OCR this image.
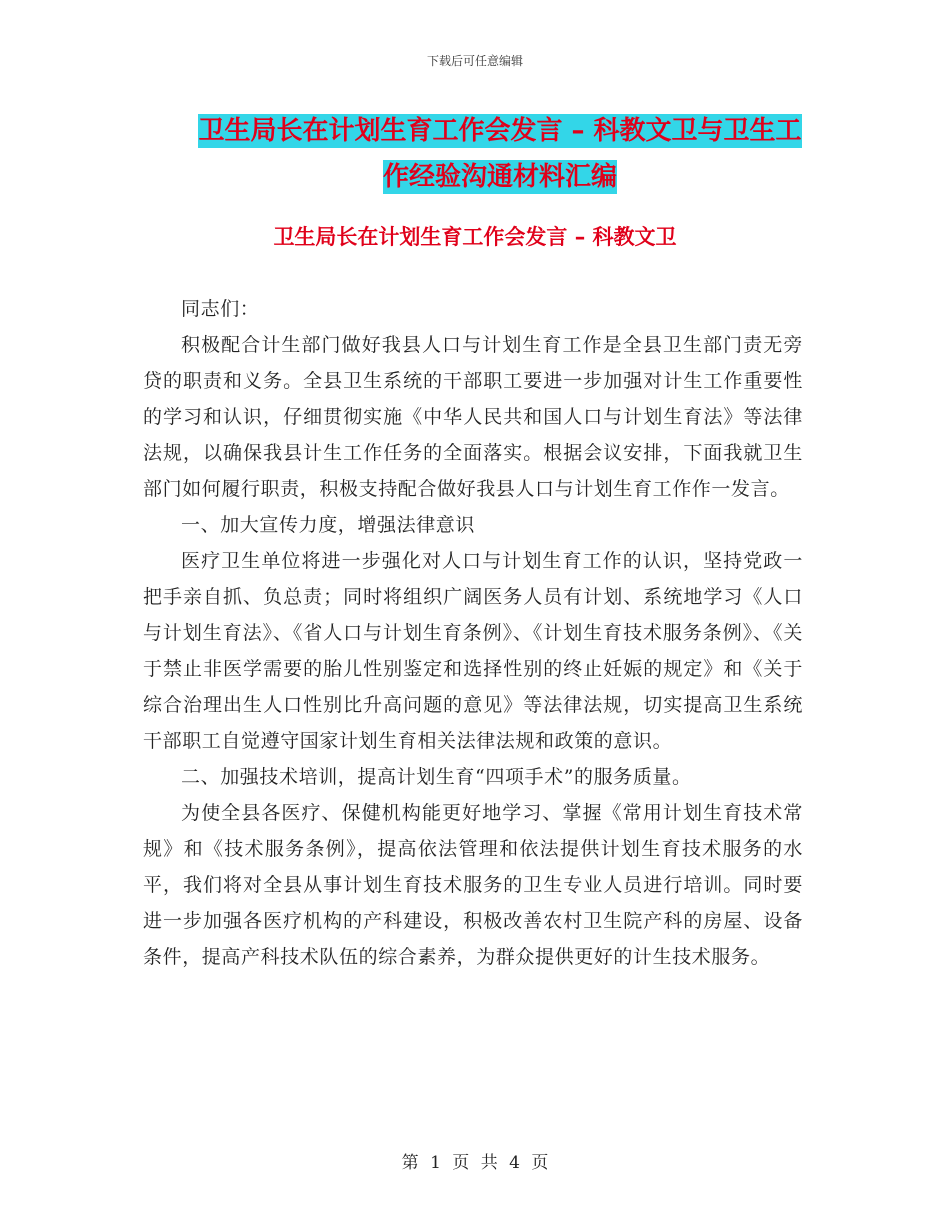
下载后可任意编辑
卫生局长在计划生育工作会发言 – 科教文卫与卫生工
作经验沟通材料汇编
卫生局长在计划生育工作会发言 – 科教文卫

同志们：

积极配合计生部门做好我县人口与计划生育工作是全县卫生部门责无旁贷的职责和义务。全县卫生系统的干部职工要进一步加强对计生工作重要性的学习和认识，仔细贯彻实施《中华人民共和国人口与计划生育法》等法律法规，以确保我县计生工作任务的全面落实。根据会议安排，下面我就卫生部门如何履行职责，积极支持配合做好我县人口与计划生育工作作一发言。

一、加大宣传力度，增强法律意识

医疗卫生单位将进一步强化对人口与计划生育工作的认识，坚持党政一把手亲自抓、负总责；同时将组织广阔医务人员有计划、系统地学习《人口与计划生育法》、《省人口与计划生育条例》、《计划生育技术服务条例》、《关于禁止非医学需要的胎儿性别鉴定和选择性别的终止妊娠的规定》和《关于综合治理出生人口性别比升高问题的意见》等法律法规，切实提高卫生系统干部职工自觉遵守国家计划生育相关法律法规和政策的意识。

二、加强技术培训，提高计划生育“四项手术”的服务质量。

为使全县各医疗、保健机构能更好地学习、掌握《常用计划生育技术常规》和《技术服务条例》，提高依法管理和依法提供计划生育技术服务的水平，我们将对全县从事计划生育技术服务的卫生专业人员进行培训。同时要进一步加强各医疗机构的产科建设，积极改善农村卫生院产科的房屋、设备条件，提高产科技术队伍的综合素养，为群众提供更好的计生技术服务。

第 1 页 共 4 页
